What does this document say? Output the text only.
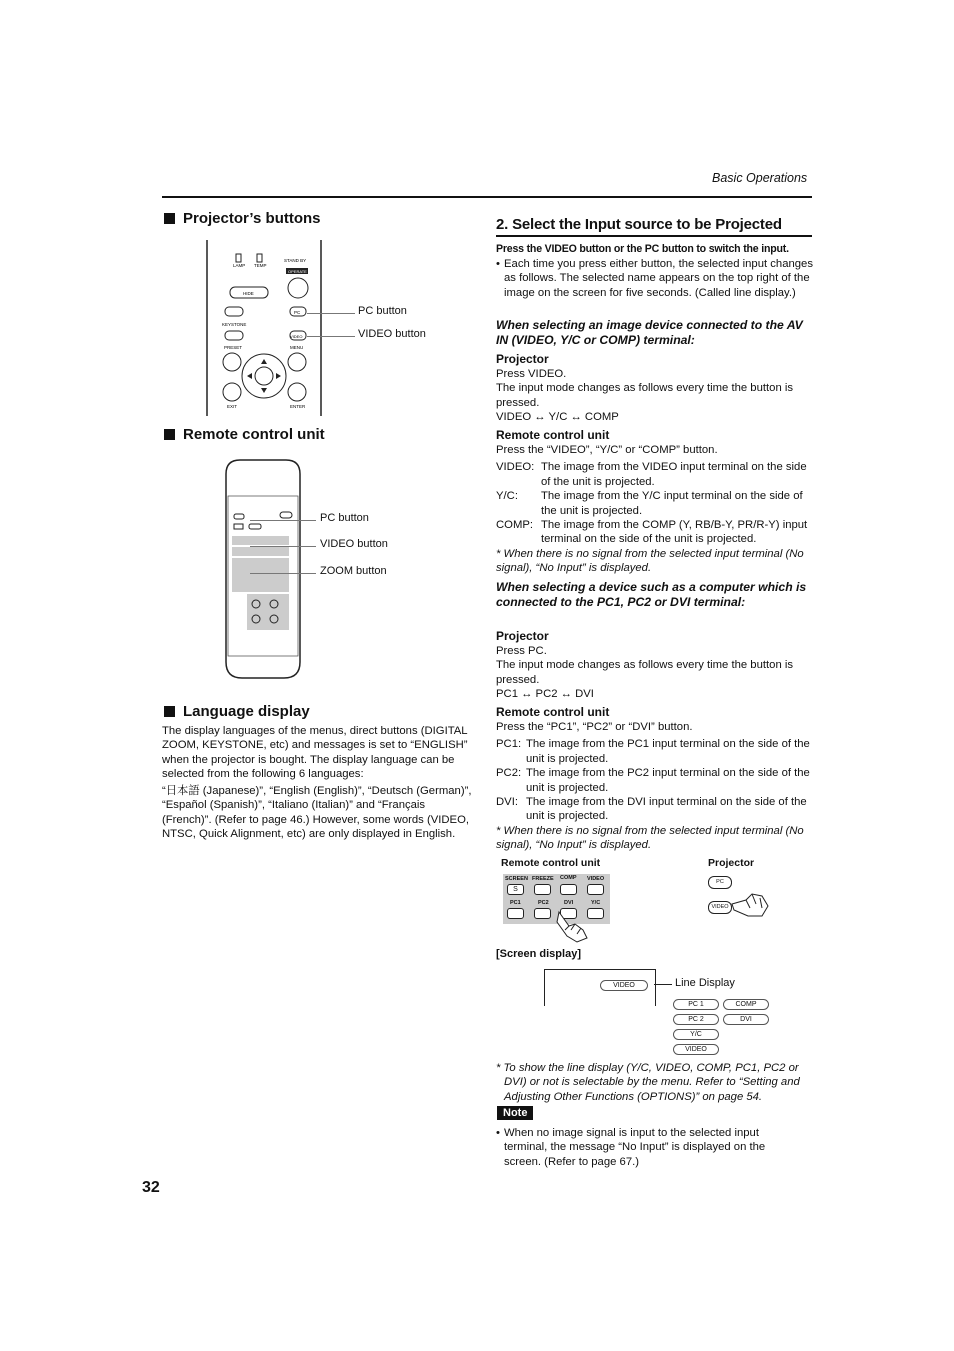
Basic Operations
Projector’s buttons
LAMP TEMP
STAND BY
OPERATE
HIDE
PC
KEYSTONE
VIDEO
PRESET	MENU
EXIT	ENTER
PC button
VIDEO button
Remote control unit
PC button
VIDEO button
ZOOM button
Language display
The display languages of the menus, direct buttons (DIGITAL ZOOM, KEYSTONE, etc) and messages is set to “ENGLISH” when the projector is bought. The display language can be selected from the following 6 languages:
“日本語 (Japanese)”, “English (English)”, “Deutsch (German)”, “Español (Spanish)”, “Italiano (Italian)” and “Français (French)”. (Refer to page 46.) However, some words (VIDEO, NTSC, Quick Alignment, etc) are only displayed in English.
32
2. Select the Input source to be Projected
Press the VIDEO button or the PC button to switch the input.
• Each time you press either button, the selected input changes as follows. The selected name appears on the top right of the image on the screen for five seconds. (Called line display.)
When selecting an image device connected to the AV IN (VIDEO, Y/C or COMP) terminal:
Projector
Press VIDEO.
The input mode changes as follows every time the button is pressed.
VIDEO ↔ Y/C ↔ COMP
Remote control unit
Press the “VIDEO”, “Y/C” or “COMP” button.
VIDEO: The image from the VIDEO input terminal on the side of the unit is projected.
Y/C:	The image from the Y/C input terminal on the side of the unit is projected.
COMP: The image from the COMP (Y, RB/B-Y, PR/R-Y) input terminal on the side of the unit is projected.
* When there is no signal from the selected input terminal (No signal), “No Input” is displayed.
When selecting a device such as a computer which is connected to the PC1, PC2 or DVI terminal:
Projector
Press PC.
The input mode changes as follows every time the button is pressed.
PC1 ↔ PC2 ↔ DVI
Remote control unit
Press the “PC1”, “PC2” or “DVI” button.
PC1: The image from the PC1 input terminal on the side of the unit is projected.
PC2: The image from the PC2 input terminal on the side of the unit is projected.
DVI: The image from the DVI input terminal on the side of the unit is projected.
* When there is no signal from the selected input terminal (No signal), “No Input” is displayed.
Remote control unit	Projector
SCREEN FREEZE COMP VIDEO
S
PC1	PC2	DVI	Y/C
PC
VIDEO
[Screen display]
VIDEO	Line Display
PC 1	COMP
PC 2	DVI
Y/C
VIDEO
* To show the line display (Y/C, VIDEO, COMP, PC1, PC2 or DVI) or not is selectable by the menu. Refer to “Setting and Adjusting Other Functions (OPTIONS)” on page 54.
Note
• When no image signal is input to the selected input terminal, the message “No Input” is displayed on the screen. (Refer to page 67.)
